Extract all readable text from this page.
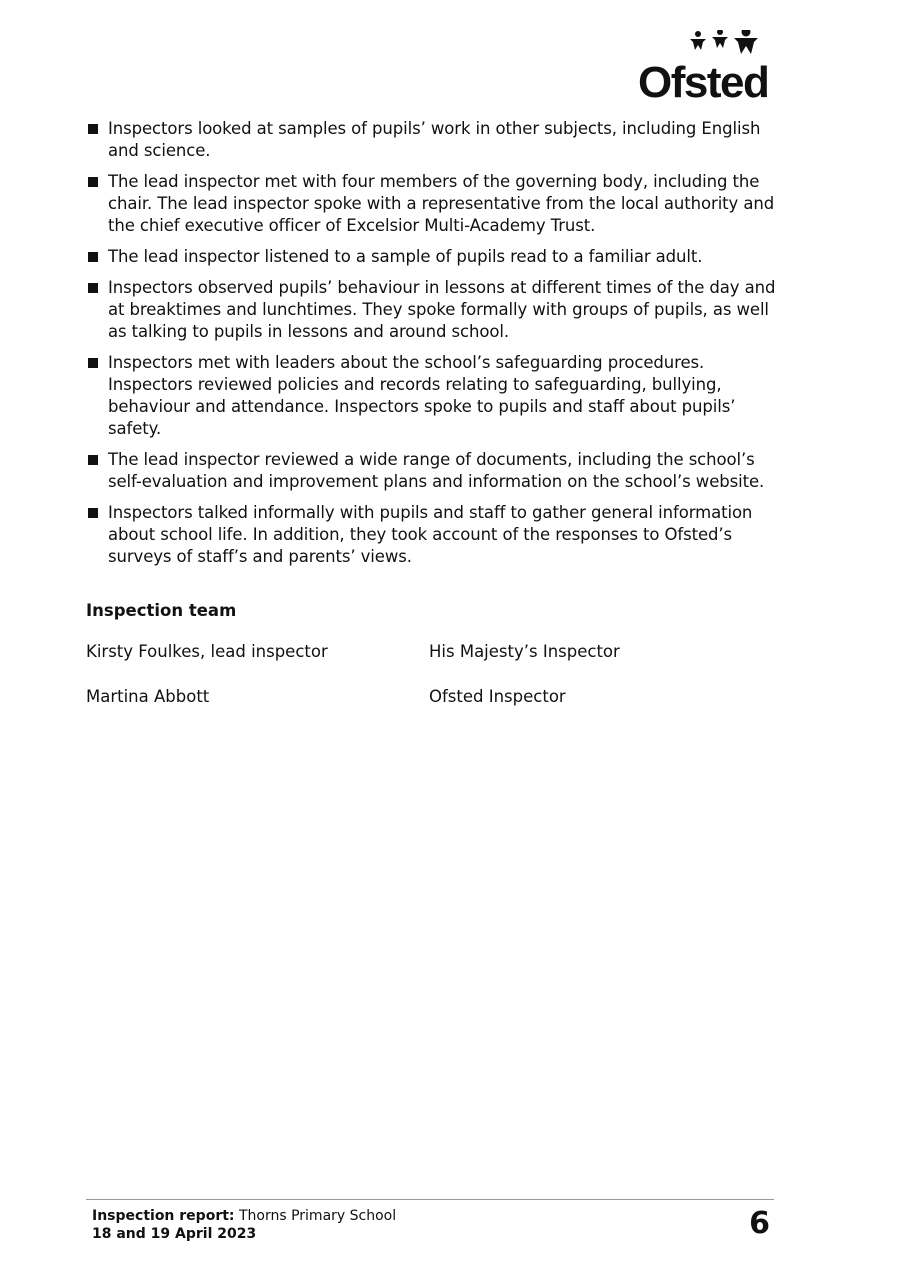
Ofsted
Inspectors looked at samples of pupils’ work in other subjects, including English and science.
The lead inspector met with four members of the governing body, including the chair. The lead inspector spoke with a representative from the local authority and the chief executive officer of Excelsior Multi-Academy Trust.
The lead inspector listened to a sample of pupils read to a familiar adult.
Inspectors observed pupils’ behaviour in lessons at different times of the day and at breaktimes and lunchtimes. They spoke formally with groups of pupils, as well as talking to pupils in lessons and around school.
Inspectors met with leaders about the school’s safeguarding procedures. Inspectors reviewed policies and records relating to safeguarding, bullying, behaviour and attendance. Inspectors spoke to pupils and staff about pupils’ safety.
The lead inspector reviewed a wide range of documents, including the school’s self-evaluation and improvement plans and information on the school’s website.
Inspectors talked informally with pupils and staff to gather general information about school life. In addition, they took account of the responses to Ofsted’s surveys of staff’s and parents’ views.
Inspection team
Kirsty Foulkes, lead inspector	His Majesty’s Inspector
Martina Abbott	Ofsted Inspector
Inspection report: Thorns Primary School
18 and 19 April 2023	6
